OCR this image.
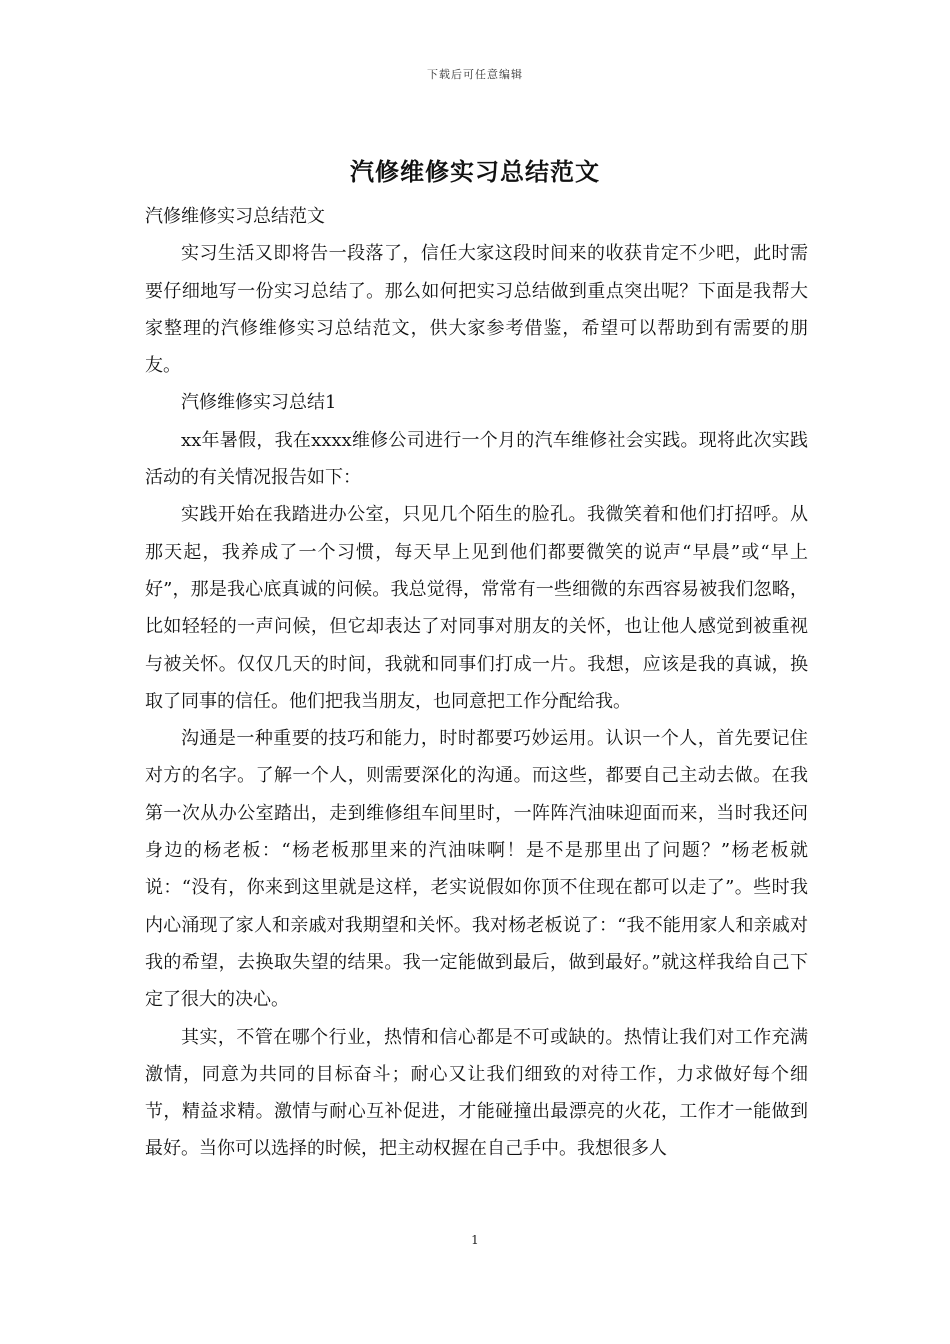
下载后可任意编辑
汽修维修实习总结范文

汽修维修实习总结范文

实习生活又即将告一段落了，信任大家这段时间来的收获肯定不少吧，此时需要仔细地写一份实习总结了。那么如何把实习总结做到重点突出呢？下面是我帮大家整理的汽修维修实习总结范文，供大家参考借鉴，希望可以帮助到有需要的朋友。

汽修维修实习总结1

xx年暑假，我在xxxx维修公司进行一个月的汽车维修社会实践。现将此次实践活动的有关情况报告如下：

实践开始在我踏进办公室，只见几个陌生的脸孔。我微笑着和他们打招呼。从那天起，我养成了一个习惯，每天早上见到他们都要微笑的说声“早晨”或“早上好”，那是我心底真诚的问候。我总觉得，常常有一些细微的东西容易被我们忽略，比如轻轻的一声问候，但它却表达了对同事对朋友的关怀，也让他人感觉到被重视与被关怀。仅仅几天的时间，我就和同事们打成一片。我想，应该是我的真诚，换取了同事的信任。他们把我当朋友，也同意把工作分配给我。

沟通是一种重要的技巧和能力，时时都要巧妙运用。认识一个人，首先要记住对方的名字。了解一个人，则需要深化的沟通。而这些，都要自己主动去做。在我第一次从办公室踏出，走到维修组车间里时，一阵阵汽油味迎面而来，当时我还问身边的杨老板：“杨老板那里来的汽油味啊！是不是那里出了问题？”杨老板就说：“没有，你来到这里就是这样，老实说假如你顶不住现在都可以走了”。些时我内心涌现了家人和亲戚对我期望和关怀。我对杨老板说了：“我不能用家人和亲戚对我的希望，去换取失望的结果。我一定能做到最后，做到最好。”就这样我给自己下定了很大的决心。

其实，不管在哪个行业，热情和信心都是不可或缺的。热情让我们对工作充满激情，同意为共同的目标奋斗；耐心又让我们细致的对待工作，力求做好每个细节，精益求精。激情与耐心互补促进，才能碰撞出最漂亮的火花，工作才一能做到最好。当你可以选择的时候，把主动权握在自己手中。我想很多人

1
